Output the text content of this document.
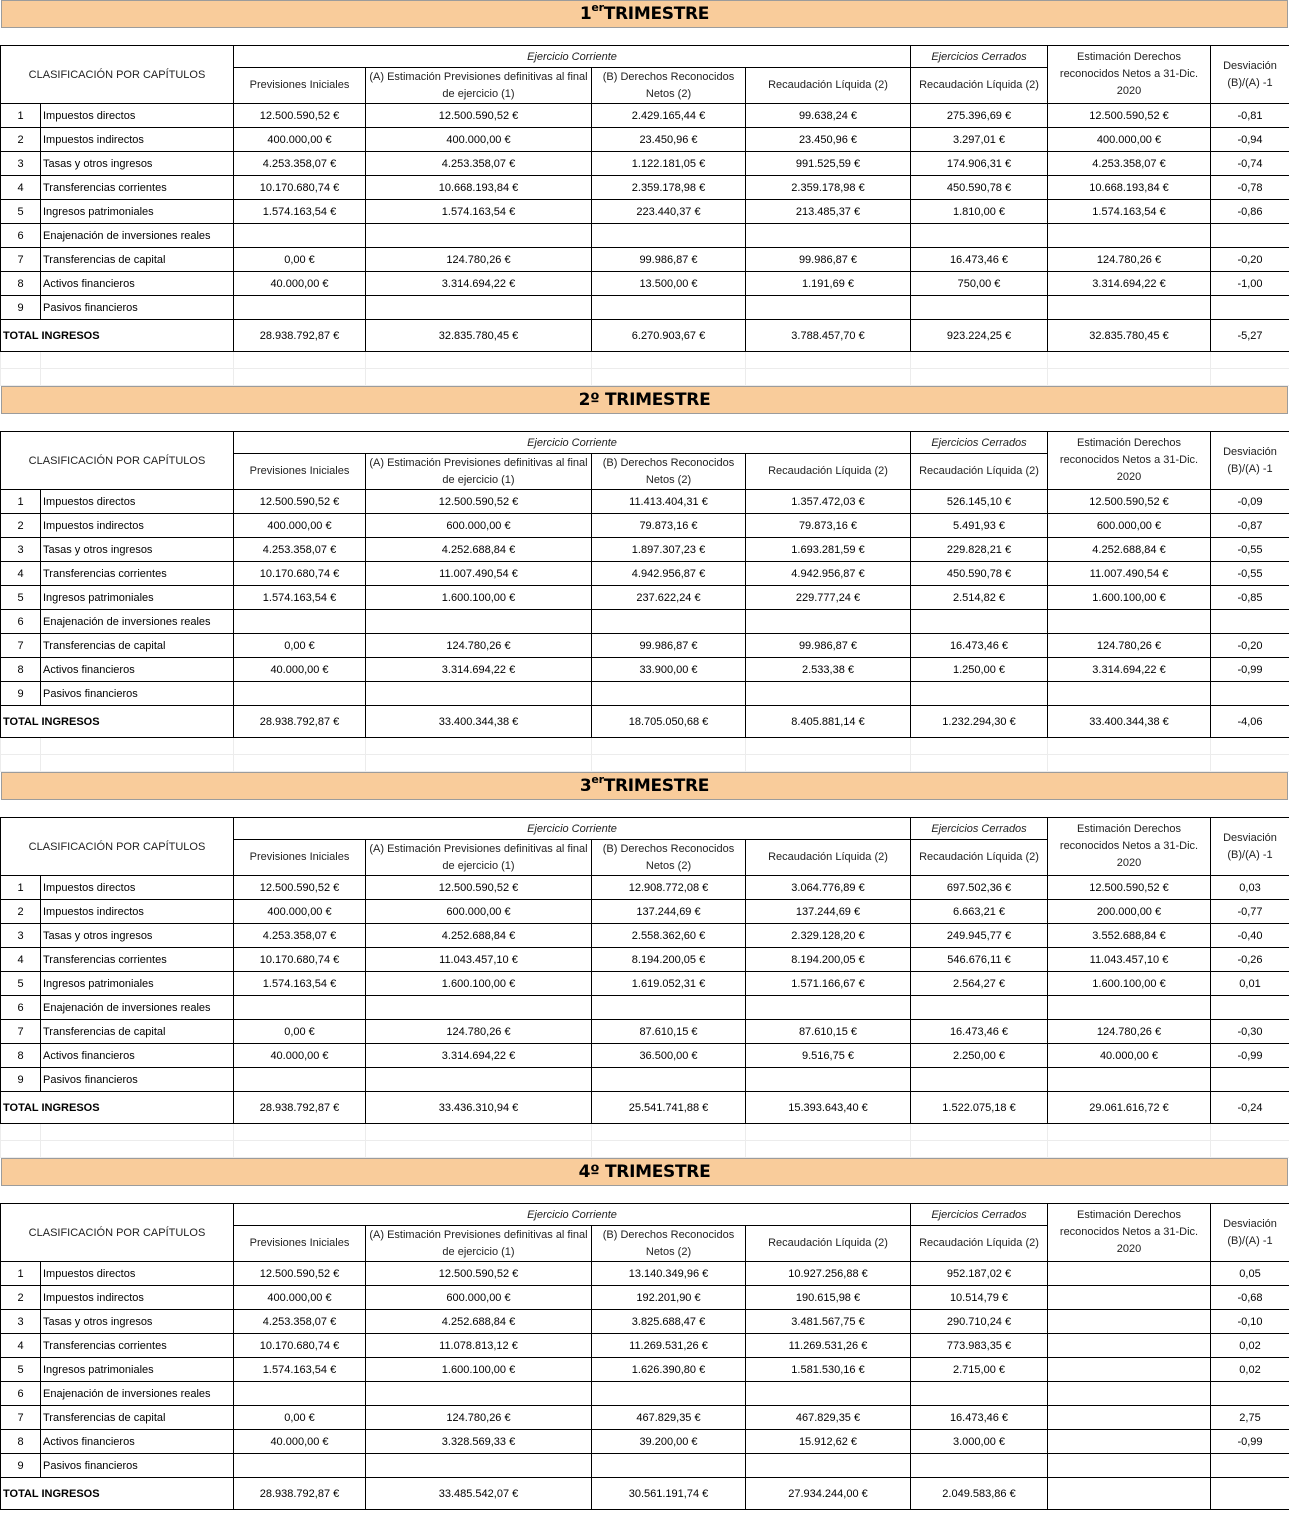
1erTRIMESTRE
CLASIFICACIÓN POR CAPÍTULOS		Ejercicio Corriente				Ejercicios Cerrados	Estimación Derechos reconocidos Netos a 31-Dic. 2020	Desviación (B)/(A) -1
		Previsiones Iniciales	(A) Estimación Previsiones definitivas al final de ejercicio (1)	(B) Derechos Reconocidos Netos (2)	Recaudación Líquida (2)	Recaudación Líquida (2)		
1	Impuestos directos	12.500.590,52 €	12.500.590,52 €	2.429.165,44 €	99.638,24 €	275.396,69 €	12.500.590,52 €	-0,81
2	Impuestos indirectos	400.000,00 €	400.000,00 €	23.450,96 €	23.450,96 €	3.297,01 €	400.000,00 €	-0,94
3	Tasas y otros ingresos	4.253.358,07 €	4.253.358,07 €	1.122.181,05 €	991.525,59 €	174.906,31 €	4.253.358,07 €	-0,74
4	Transferencias corrientes	10.170.680,74 €	10.668.193,84 €	2.359.178,98 €	2.359.178,98 €	450.590,78 €	10.668.193,84 €	-0,78
5	Ingresos patrimoniales	1.574.163,54 €	1.574.163,54 €	223.440,37 €	213.485,37 €	1.810,00 €	1.574.163,54 €	-0,86
6	Enajenación de inversiones reales							
7	Transferencias de capital	0,00 €	124.780,26 €	99.986,87 €	99.986,87 €	16.473,46 €	124.780,26 €	-0,20
8	Activos financieros	40.000,00 €	3.314.694,22 €	13.500,00 €	1.191,69 €	750,00 €	3.314.694,22 €	-1,00
9	Pasivos financieros							
TOTAL INGRESOS		28.938.792,87 €	32.835.780,45 €	6.270.903,67 €	3.788.457,70 €	923.224,25 €	32.835.780,45 €	-5,27

2º TRIMESTRE
CLASIFICACIÓN POR CAPÍTULOS		Ejercicio Corriente				Ejercicios Cerrados	Estimación Derechos reconocidos Netos a 31-Dic. 2020	Desviación (B)/(A) -1
		Previsiones Iniciales	(A) Estimación Previsiones definitivas al final de ejercicio (1)	(B) Derechos Reconocidos Netos (2)	Recaudación Líquida (2)	Recaudación Líquida (2)		
1	Impuestos directos	12.500.590,52 €	12.500.590,52 €	11.413.404,31 €	1.357.472,03 €	526.145,10 €	12.500.590,52 €	-0,09
2	Impuestos indirectos	400.000,00 €	600.000,00 €	79.873,16 €	79.873,16 €	5.491,93 €	600.000,00 €	-0,87
3	Tasas y otros ingresos	4.253.358,07 €	4.252.688,84 €	1.897.307,23 €	1.693.281,59 €	229.828,21 €	4.252.688,84 €	-0,55
4	Transferencias corrientes	10.170.680,74 €	11.007.490,54 €	4.942.956,87 €	4.942.956,87 €	450.590,78 €	11.007.490,54 €	-0,55
5	Ingresos patrimoniales	1.574.163,54 €	1.600.100,00 €	237.622,24 €	229.777,24 €	2.514,82 €	1.600.100,00 €	-0,85
6	Enajenación de inversiones reales							
7	Transferencias de capital	0,00 €	124.780,26 €	99.986,87 €	99.986,87 €	16.473,46 €	124.780,26 €	-0,20
8	Activos financieros	40.000,00 €	3.314.694,22 €	33.900,00 €	2.533,38 €	1.250,00 €	3.314.694,22 €	-0,99
9	Pasivos financieros							
TOTAL INGRESOS		28.938.792,87 €	33.400.344,38 €	18.705.050,68 €	8.405.881,14 €	1.232.294,30 €	33.400.344,38 €	-4,06

3erTRIMESTRE
CLASIFICACIÓN POR CAPÍTULOS		Ejercicio Corriente				Ejercicios Cerrados	Estimación Derechos reconocidos Netos a 31-Dic. 2020	Desviación (B)/(A) -1
		Previsiones Iniciales	(A) Estimación Previsiones definitivas al final de ejercicio (1)	(B) Derechos Reconocidos Netos (2)	Recaudación Líquida (2)	Recaudación Líquida (2)		
1	Impuestos directos	12.500.590,52 €	12.500.590,52 €	12.908.772,08 €	3.064.776,89 €	697.502,36 €	12.500.590,52 €	0,03
2	Impuestos indirectos	400.000,00 €	600.000,00 €	137.244,69 €	137.244,69 €	6.663,21 €	200.000,00 €	-0,77
3	Tasas y otros ingresos	4.253.358,07 €	4.252.688,84 €	2.558.362,60 €	2.329.128,20 €	249.945,77 €	3.552.688,84 €	-0,40
4	Transferencias corrientes	10.170.680,74 €	11.043.457,10 €	8.194.200,05 €	8.194.200,05 €	546.676,11 €	11.043.457,10 €	-0,26
5	Ingresos patrimoniales	1.574.163,54 €	1.600.100,00 €	1.619.052,31 €	1.571.166,67 €	2.564,27 €	1.600.100,00 €	0,01
6	Enajenación de inversiones reales							
7	Transferencias de capital	0,00 €	124.780,26 €	87.610,15 €	87.610,15 €	16.473,46 €	124.780,26 €	-0,30
8	Activos financieros	40.000,00 €	3.314.694,22 €	36.500,00 €	9.516,75 €	2.250,00 €	40.000,00 €	-0,99
9	Pasivos financieros							
TOTAL INGRESOS		28.938.792,87 €	33.436.310,94 €	25.541.741,88 €	15.393.643,40 €	1.522.075,18 €	29.061.616,72 €	-0,24

4º TRIMESTRE
CLASIFICACIÓN POR CAPÍTULOS		Ejercicio Corriente				Ejercicios Cerrados	Estimación Derechos reconocidos Netos a 31-Dic. 2020	Desviación (B)/(A) -1
		Previsiones Iniciales	(A) Estimación Previsiones definitivas al final de ejercicio (1)	(B) Derechos Reconocidos Netos (2)	Recaudación Líquida (2)	Recaudación Líquida (2)		
1	Impuestos directos	12.500.590,52 €	12.500.590,52 €	13.140.349,96 €	10.927.256,88 €	952.187,02 €		0,05
2	Impuestos indirectos	400.000,00 €	600.000,00 €	192.201,90 €	190.615,98 €	10.514,79 €		-0,68
3	Tasas y otros ingresos	4.253.358,07 €	4.252.688,84 €	3.825.688,47 €	3.481.567,75 €	290.710,24 €		-0,10
4	Transferencias corrientes	10.170.680,74 €	11.078.813,12 €	11.269.531,26 €	11.269.531,26 €	773.983,35 €		0,02
5	Ingresos patrimoniales	1.574.163,54 €	1.600.100,00 €	1.626.390,80 €	1.581.530,16 €	2.715,00 €		0,02
6	Enajenación de inversiones reales							
7	Transferencias de capital	0,00 €	124.780,26 €	467.829,35 €	467.829,35 €	16.473,46 €		2,75
8	Activos financieros	40.000,00 €	3.328.569,33 €	39.200,00 €	15.912,62 €	3.000,00 €		-0,99
9	Pasivos financieros							
TOTAL INGRESOS		28.938.792,87 €	33.485.542,07 €	30.561.191,74 €	27.934.244,00 €	2.049.583,86 €		
